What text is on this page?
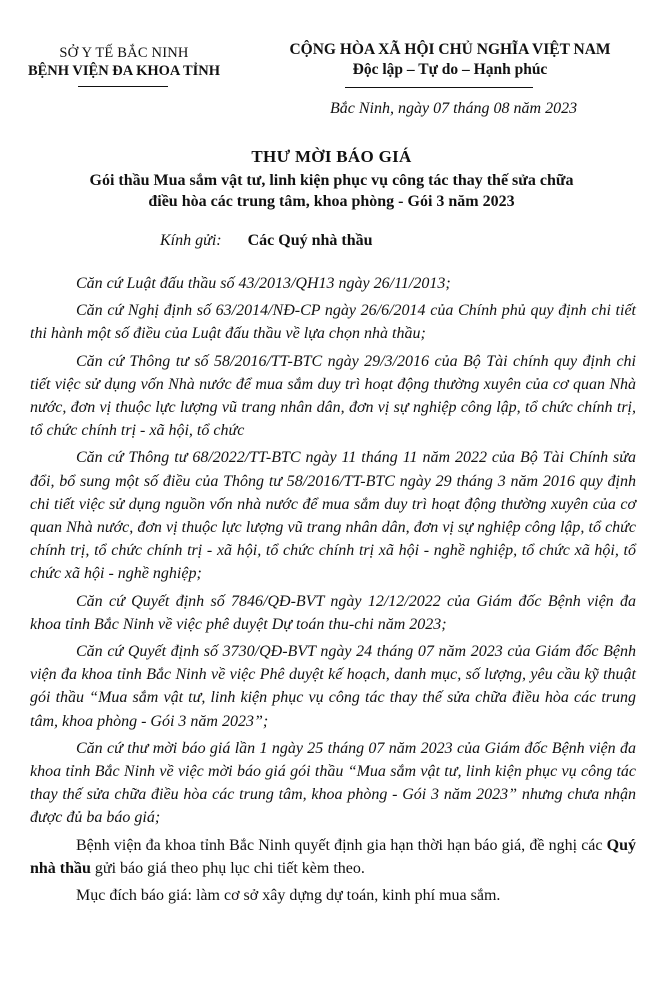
SỞ Y TẾ BẮC NINH
BỆNH VIỆN ĐA KHOA TỈNH
CỘNG HÒA XÃ HỘI CHỦ NGHĨA VIỆT NAM
Độc lập – Tự do – Hạnh phúc
Bắc Ninh, ngày 07 tháng 08 năm 2023
THƯ MỜI BÁO GIÁ
Gói thầu Mua sắm vật tư, linh kiện phục vụ công tác thay thế sửa chữa
điều hòa các trung tâm, khoa phòng - Gói 3 năm 2023
Kính gửi: Các Quý nhà thầu

Căn cứ Luật đấu thầu số 43/2013/QH13 ngày 26/11/2013;

Căn cứ Nghị định số 63/2014/NĐ-CP ngày 26/6/2014 của Chính phủ quy định chi tiết thi hành một số điều của Luật đấu thầu về lựa chọn nhà thầu;

Căn cứ Thông tư số 58/2016/TT-BTC ngày 29/3/2016 của Bộ Tài chính quy định chi tiết việc sử dụng vốn Nhà nước để mua sắm duy trì hoạt động thường xuyên của cơ quan Nhà nước, đơn vị thuộc lực lượng vũ trang nhân dân, đơn vị sự nghiệp công lập, tổ chức chính trị, tổ chức chính trị - xã hội, tổ chức

Căn cứ Thông tư 68/2022/TT-BTC ngày 11 tháng 11 năm 2022 của Bộ Tài Chính sửa đổi, bổ sung một số điều của Thông tư 58/2016/TT-BTC ngày 29 tháng 3 năm 2016 quy định chi tiết việc sử dụng nguồn vốn nhà nước để mua sắm duy trì hoạt động thường xuyên của cơ quan Nhà nước, đơn vị thuộc lực lượng vũ trang nhân dân, đơn vị sự nghiệp công lập, tổ chức chính trị, tổ chức chính trị - xã hội, tổ chức chính trị xã hội - nghề nghiệp, tổ chức xã hội, tổ chức xã hội - nghề nghiệp;

Căn cứ Quyết định số 7846/QĐ-BVT ngày 12/12/2022 của Giám đốc Bệnh viện đa khoa tỉnh Bắc Ninh về việc phê duyệt Dự toán thu-chi năm 2023;

Căn cứ Quyết định số 3730/QĐ-BVT ngày 24 tháng 07 năm 2023 của Giám đốc Bệnh viện đa khoa tỉnh Bắc Ninh về việc Phê duyệt kế hoạch, danh mục, số lượng, yêu cầu kỹ thuật gói thầu “Mua sắm vật tư, linh kiện phục vụ công tác thay thế sửa chữa điều hòa các trung tâm, khoa phòng - Gói 3 năm 2023”;

Căn cứ thư mời báo giá lần 1 ngày 25 tháng 07 năm 2023 của Giám đốc Bệnh viện đa khoa tỉnh Bắc Ninh về việc mời báo giá gói thầu “Mua sắm vật tư, linh kiện phục vụ công tác thay thế sửa chữa điều hòa các trung tâm, khoa phòng - Gói 3 năm 2023” nhưng chưa nhận được đủ ba báo giá;

Bệnh viện đa khoa tỉnh Bắc Ninh quyết định gia hạn thời hạn báo giá, đề nghị các Quý nhà thầu gửi báo giá theo phụ lục chi tiết kèm theo.

Mục đích báo giá: làm cơ sở xây dựng dự toán, kinh phí mua sắm.
